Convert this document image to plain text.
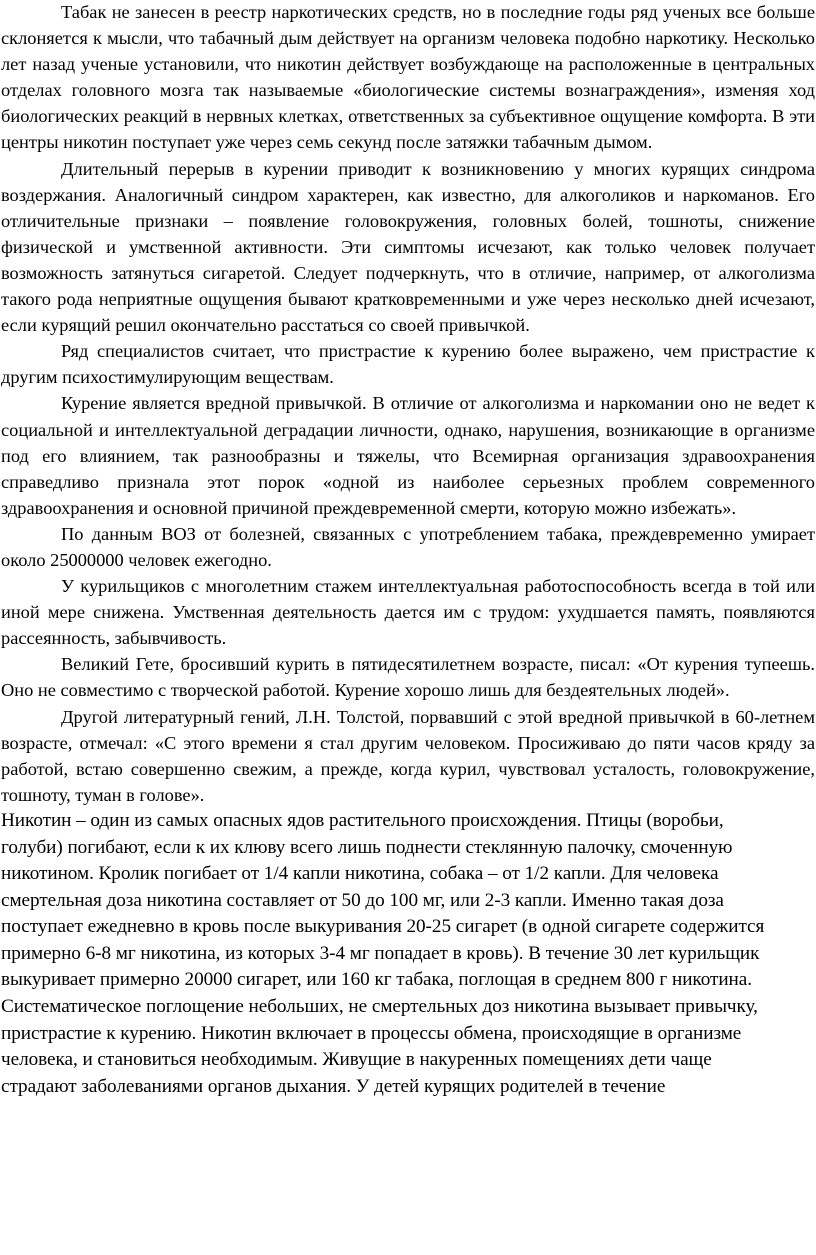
Табак не занесен в реестр наркотических средств, но в последние годы ряд ученых все больше склоняется к мысли, что табачный дым действует на организм человека подобно наркотику. Несколько лет назад ученые установили, что никотин действует возбуждающе на расположенные в центральных отделах головного мозга так называемые «биологические системы вознаграждения», изменяя ход биологических реакций в нервных клетках, ответственных за субъективное ощущение комфорта. В эти центры никотин поступает уже через семь секунд после затяжки табачным дымом.

Длительный перерыв в курении приводит к возникновению у многих курящих синдрома воздержания. Аналогичный синдром характерен, как известно, для алкоголиков и наркоманов. Его отличительные признаки – появление головокружения, головных болей, тошноты, снижение физической и умственной активности. Эти симптомы исчезают, как только человек получает возможность затянуться сигаретой. Следует подчеркнуть, что в отличие, например, от алкоголизма такого рода неприятные ощущения бывают кратковременными и уже через несколько дней исчезают, если курящий решил окончательно расстаться со своей привычкой.

Ряд специалистов считает, что пристрастие к курению более выражено, чем пристрастие к другим психостимулирующим веществам.

Курение является вредной привычкой. В отличие от алкоголизма и наркомании оно не ведет к социальной и интеллектуальной деградации личности, однако, нарушения, возникающие в организме под его влиянием, так разнообразны и тяжелы, что Всемирная организация здравоохранения справедливо признала этот порок «одной из наиболее серьезных проблем современного здравоохранения и основной причиной преждевременной смерти, которую можно избежать».

По данным ВОЗ от болезней, связанных с употреблением табака, преждевременно умирает около 25000000 человек ежегодно.

У курильщиков с многолетним стажем интеллектуальная работоспособность всегда в той или иной мере снижена. Умственная деятельность дается им с трудом: ухудшается память, появляются рассеянность, забывчивость.

Великий Гете, бросивший курить в пятидесятилетнем возрасте, писал: «От курения тупеешь. Оно не совместимо с творческой работой. Курение хорошо лишь для бездеятельных людей».

Другой литературный гений, Л.Н. Толстой, порвавший с этой вредной привычкой в 60-летнем возрасте, отмечал: «С этого времени я стал другим человеком. Просиживаю до пяти часов кряду за работой, встаю совершенно свежим, а прежде, когда курил, чувствовал усталость, головокружение, тошноту, туман в голове».

Никотин – один из самых опасных ядов растительного происхождения. Птицы (воробьи,
голуби) погибают, если к их клюву всего лишь поднести стеклянную палочку, смоченную
никотином. Кролик погибает от 1/4 капли никотина, собака – от 1/2 капли. Для человека
смертельная доза никотина составляет от 50 до 100 мг, или 2-3 капли. Именно такая доза
поступает ежедневно в кровь после выкуривания 20-25 сигарет (в одной сигарете содержится
примерно 6-8 мг никотина, из которых 3-4 мг попадает в кровь). В течение 30 лет курильщик
выкуривает примерно 20000 сигарет, или 160 кг табака, поглощая в среднем 800 г никотина.
Систематическое поглощение небольших, не смертельных доз никотина вызывает привычку,
пристрастие к курению. Никотин включает в процессы обмена, происходящие в организме
человека, и становиться необходимым. Живущие в накуренных помещениях дети чаще
страдают заболеваниями органов дыхания. У детей курящих родителей в течение
